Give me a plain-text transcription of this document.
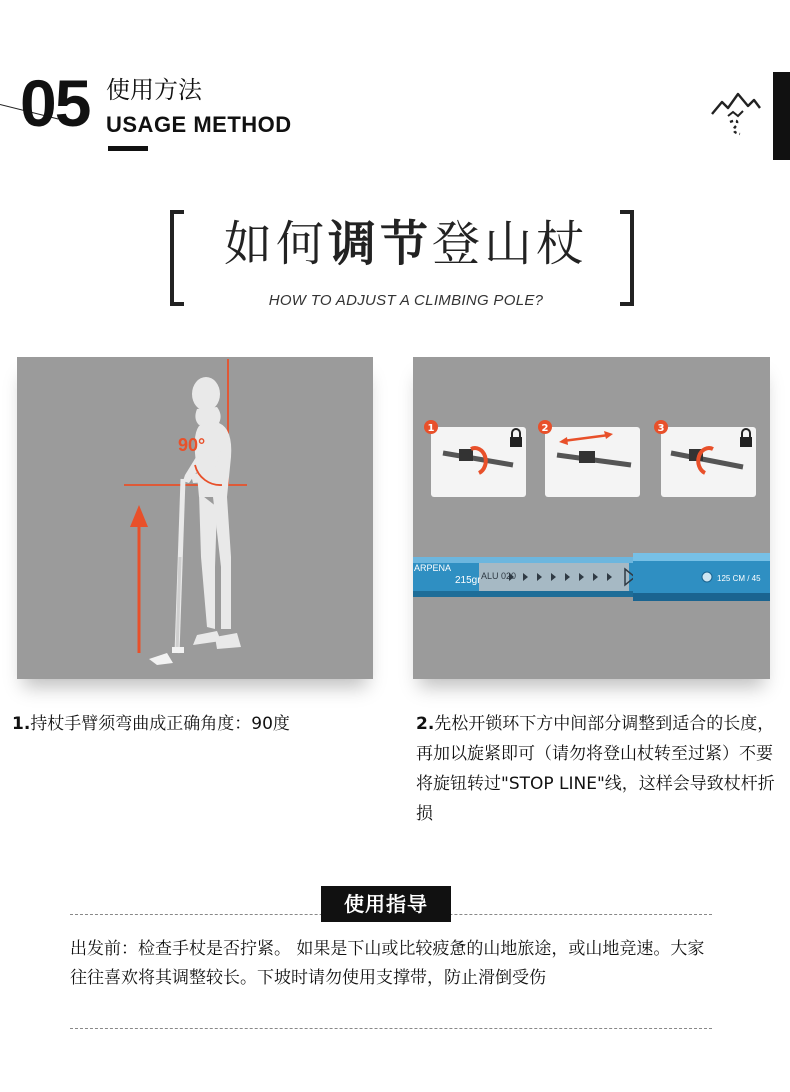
05 使用方法
USAGE METHOD
如何调节登山杖
HOW TO ADJUST A CLIMBING POLE?
90°
1	2	3
ARPENA
215gr ALU 020	125 CM / 45
1.持杖手臂须弯曲成正确角度：90度	2.先松开锁环下方中间部分调整到适合的长度，再加以旋紧即可（请勿将登山杖转至过紧）不要将旋钮转过"STOP LINE"线，这样会导致杖杆折损
使用指导
出发前：检查手杖是否拧紧。 如果是下山或比较疲惫的山地旅途，或山地竞速。大家往往喜欢将其调整较长。下坡时请勿使用支撑带，防止滑倒受伤
